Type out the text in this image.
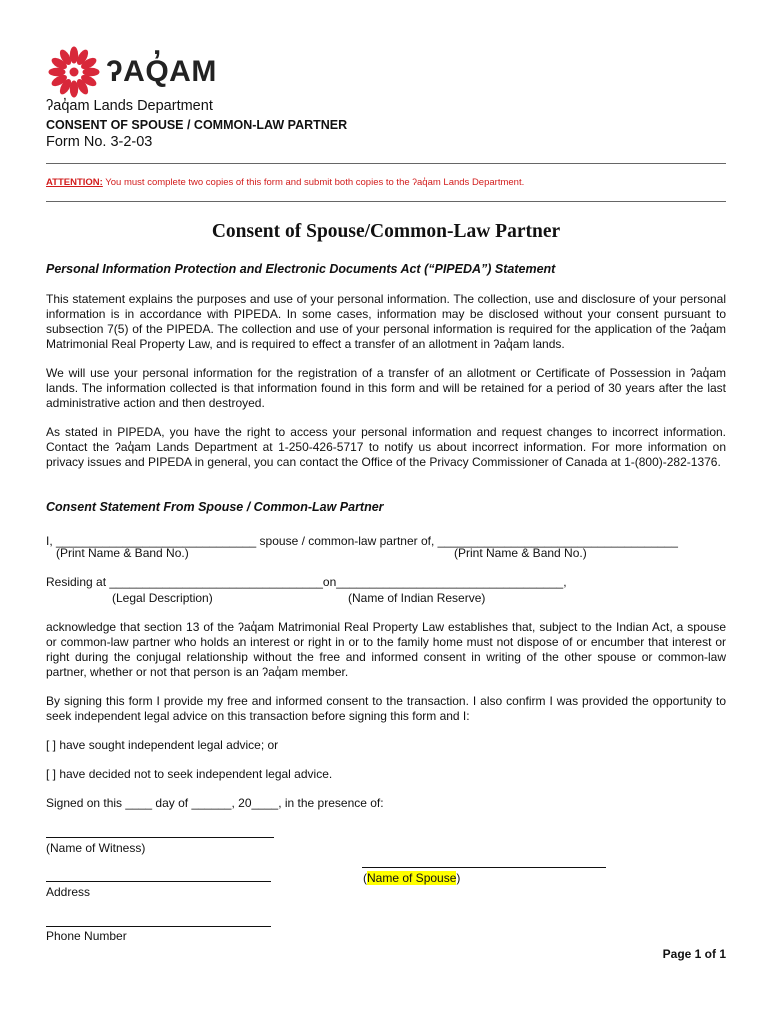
ʔAQ̓AM
ʔaq̓am Lands Department
CONSENT OF SPOUSE / COMMON-LAW PARTNER
Form No. 3-2-03
ATTENTION: You must complete two copies of this form and submit both copies to the ʔaq̓am Lands Department.
Consent of Spouse/Common-Law Partner
Personal Information Protection and Electronic Documents Act (“PIPEDA”) Statement
This statement explains the purposes and use of your personal information. The collection, use and disclosure of your personal information is in accordance with PIPEDA. In some cases, information may be disclosed without your consent pursuant to subsection 7(5) of the PIPEDA. The collection and use of your personal information is required for the application of the ʔaq̓am Matrimonial Real Property Law, and is required to effect a transfer of an allotment in ʔaq̓am lands.
We will use your personal information for the registration of a transfer of an allotment or Certificate of Possession in ʔaq̓am lands. The information collected is that information found in this form and will be retained for a period of 30 years after the last administrative action and then destroyed.
As stated in PIPEDA, you have the right to access your personal information and request changes to incorrect information. Contact the ʔaq̓am Lands Department at 1-250-426-5717 to notify us about incorrect information. For more information on privacy issues and PIPEDA in general, you can contact the Office of the Privacy Commissioner of Canada at 1-(800)-282-1376.
Consent Statement From Spouse / Common-Law Partner
I, ______________________________ spouse / common-law partner of, ____________________________________
(Print Name & Band No.)	(Print Name & Band No.)
Residing at ________________________________on__________________________________,
(Legal Description)	(Name of Indian Reserve)
acknowledge that section 13 of the ʔaq̓am Matrimonial Real Property Law establishes that, subject to the Indian Act, a spouse or common-law partner who holds an interest or right in or to the family home must not dispose of or encumber that interest or right during the conjugal relationship without the free and informed consent in writing of the other spouse or common-law partner, whether or not that person is an ʔaq̓am member.
By signing this form I provide my free and informed consent to the transaction. I also confirm I was provided the opportunity to seek independent legal advice on this transaction before signing this form and I:
[ ] have sought independent legal advice; or
[ ] have decided not to seek independent legal advice.
Signed on this ____ day of ______, 20____, in the presence of:
(Name of Witness)
(Name of Spouse)
Address
Phone Number
Page 1 of 1
